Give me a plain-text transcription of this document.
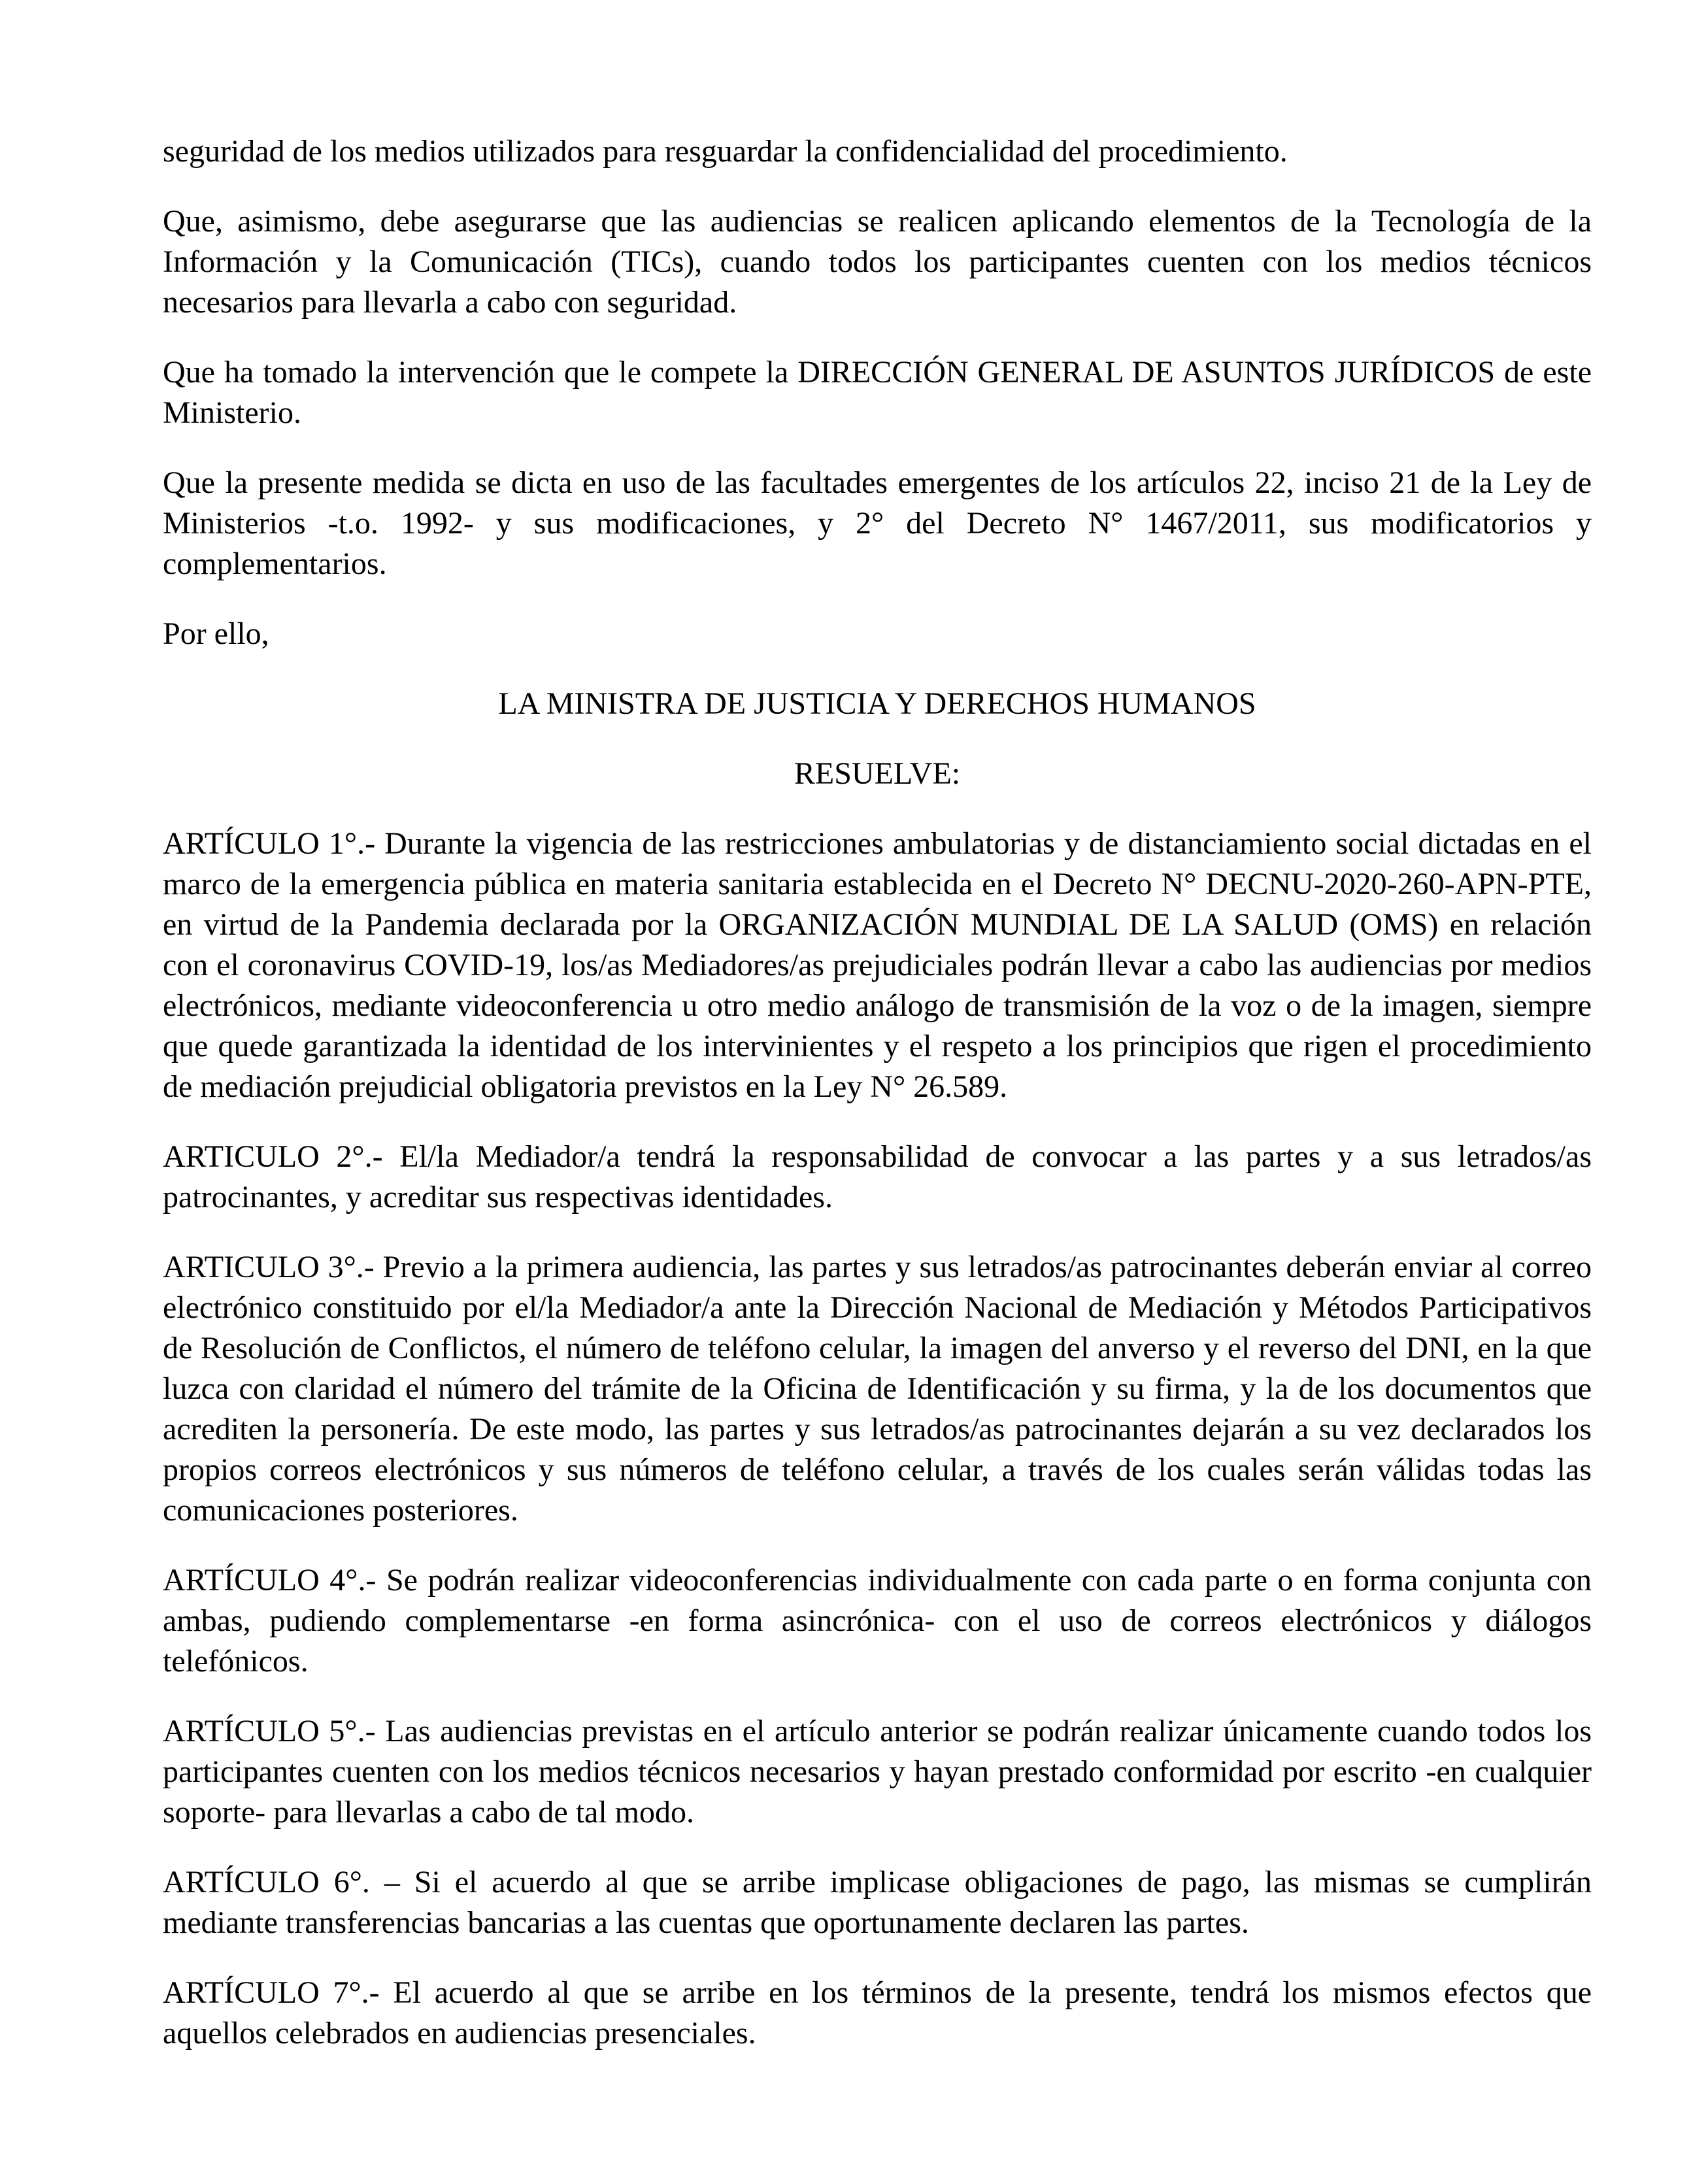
seguridad de los medios utilizados para resguardar la confidencialidad del procedimiento.

Que, asimismo, debe asegurarse que las audiencias se realicen aplicando elementos de la Tecnología de la Información y la Comunicación (TICs), cuando todos los participantes cuenten con los medios técnicos necesarios para llevarla a cabo con seguridad.

Que ha tomado la intervención que le compete la DIRECCIÓN GENERAL DE ASUNTOS JURÍDICOS de este Ministerio.

Que la presente medida se dicta en uso de las facultades emergentes de los artículos 22, inciso 21 de la Ley de Ministerios -t.o. 1992- y sus modificaciones, y 2° del Decreto N° 1467/2011, sus modificatorios y complementarios.

Por ello,

LA MINISTRA DE JUSTICIA Y DERECHOS HUMANOS

RESUELVE:

ARTÍCULO 1°.- Durante la vigencia de las restricciones ambulatorias y de distanciamiento social dictadas en el marco de la emergencia pública en materia sanitaria establecida en el Decreto N° DECNU-2020-260-APN-PTE, en virtud de la Pandemia declarada por la ORGANIZACIÓN MUNDIAL DE LA SALUD (OMS) en relación con el coronavirus COVID-19, los/as Mediadores/as prejudiciales podrán llevar a cabo las audiencias por medios electrónicos, mediante videoconferencia u otro medio análogo de transmisión de la voz o de la imagen, siempre que quede garantizada la identidad de los intervinientes y el respeto a los principios que rigen el procedimiento de mediación prejudicial obligatoria previstos en la Ley N° 26.589.

ARTICULO 2°.- El/la Mediador/a tendrá la responsabilidad de convocar a las partes y a sus letrados/as patrocinantes, y acreditar sus respectivas identidades.

ARTICULO 3°.- Previo a la primera audiencia, las partes y sus letrados/as patrocinantes deberán enviar al correo electrónico constituido por el/la Mediador/a ante la Dirección Nacional de Mediación y Métodos Participativos de Resolución de Conflictos, el número de teléfono celular, la imagen del anverso y el reverso del DNI, en la que luzca con claridad el número del trámite de la Oficina de Identificación y su firma, y la de los documentos que acrediten la personería. De este modo, las partes y sus letrados/as patrocinantes dejarán a su vez declarados los propios correos electrónicos y sus números de teléfono celular, a través de los cuales serán válidas todas las comunicaciones posteriores.

ARTÍCULO 4°.- Se podrán realizar videoconferencias individualmente con cada parte o en forma conjunta con ambas, pudiendo complementarse -en forma asincrónica- con el uso de correos electrónicos y diálogos telefónicos.

ARTÍCULO 5°.- Las audiencias previstas en el artículo anterior se podrán realizar únicamente cuando todos los participantes cuenten con los medios técnicos necesarios y hayan prestado conformidad por escrito -en cualquier soporte- para llevarlas a cabo de tal modo.

ARTÍCULO 6°. – Si el acuerdo al que se arribe implicase obligaciones de pago, las mismas se cumplirán mediante transferencias bancarias a las cuentas que oportunamente declaren las partes.

ARTÍCULO 7°.- El acuerdo al que se arribe en los términos de la presente, tendrá los mismos efectos que aquellos celebrados en audiencias presenciales.
